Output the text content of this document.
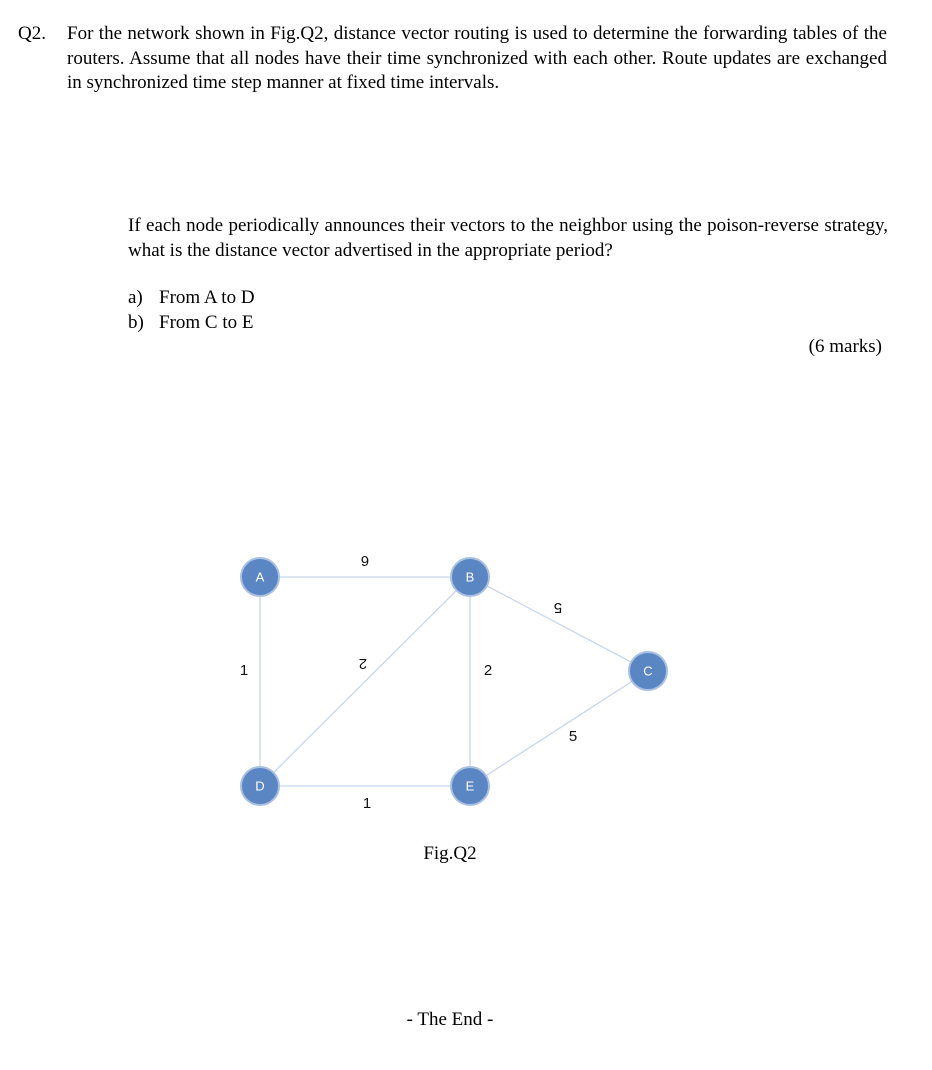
Q2. For the network shown in Fig.Q2, distance vector routing is used to determine the forwarding tables of the routers. Assume that all nodes have their time synchronized with each other. Route updates are exchanged in synchronized time step manner at fixed time intervals.
If each node periodically announces their vectors to the neighbor using the poison-reverse strategy, what is the distance vector advertised in the appropriate period?
a) From A to D
b) From C to E
(6 marks)
6
1	2	2
5
5
1
A	B
C
D	E
Fig.Q2
- The End -
